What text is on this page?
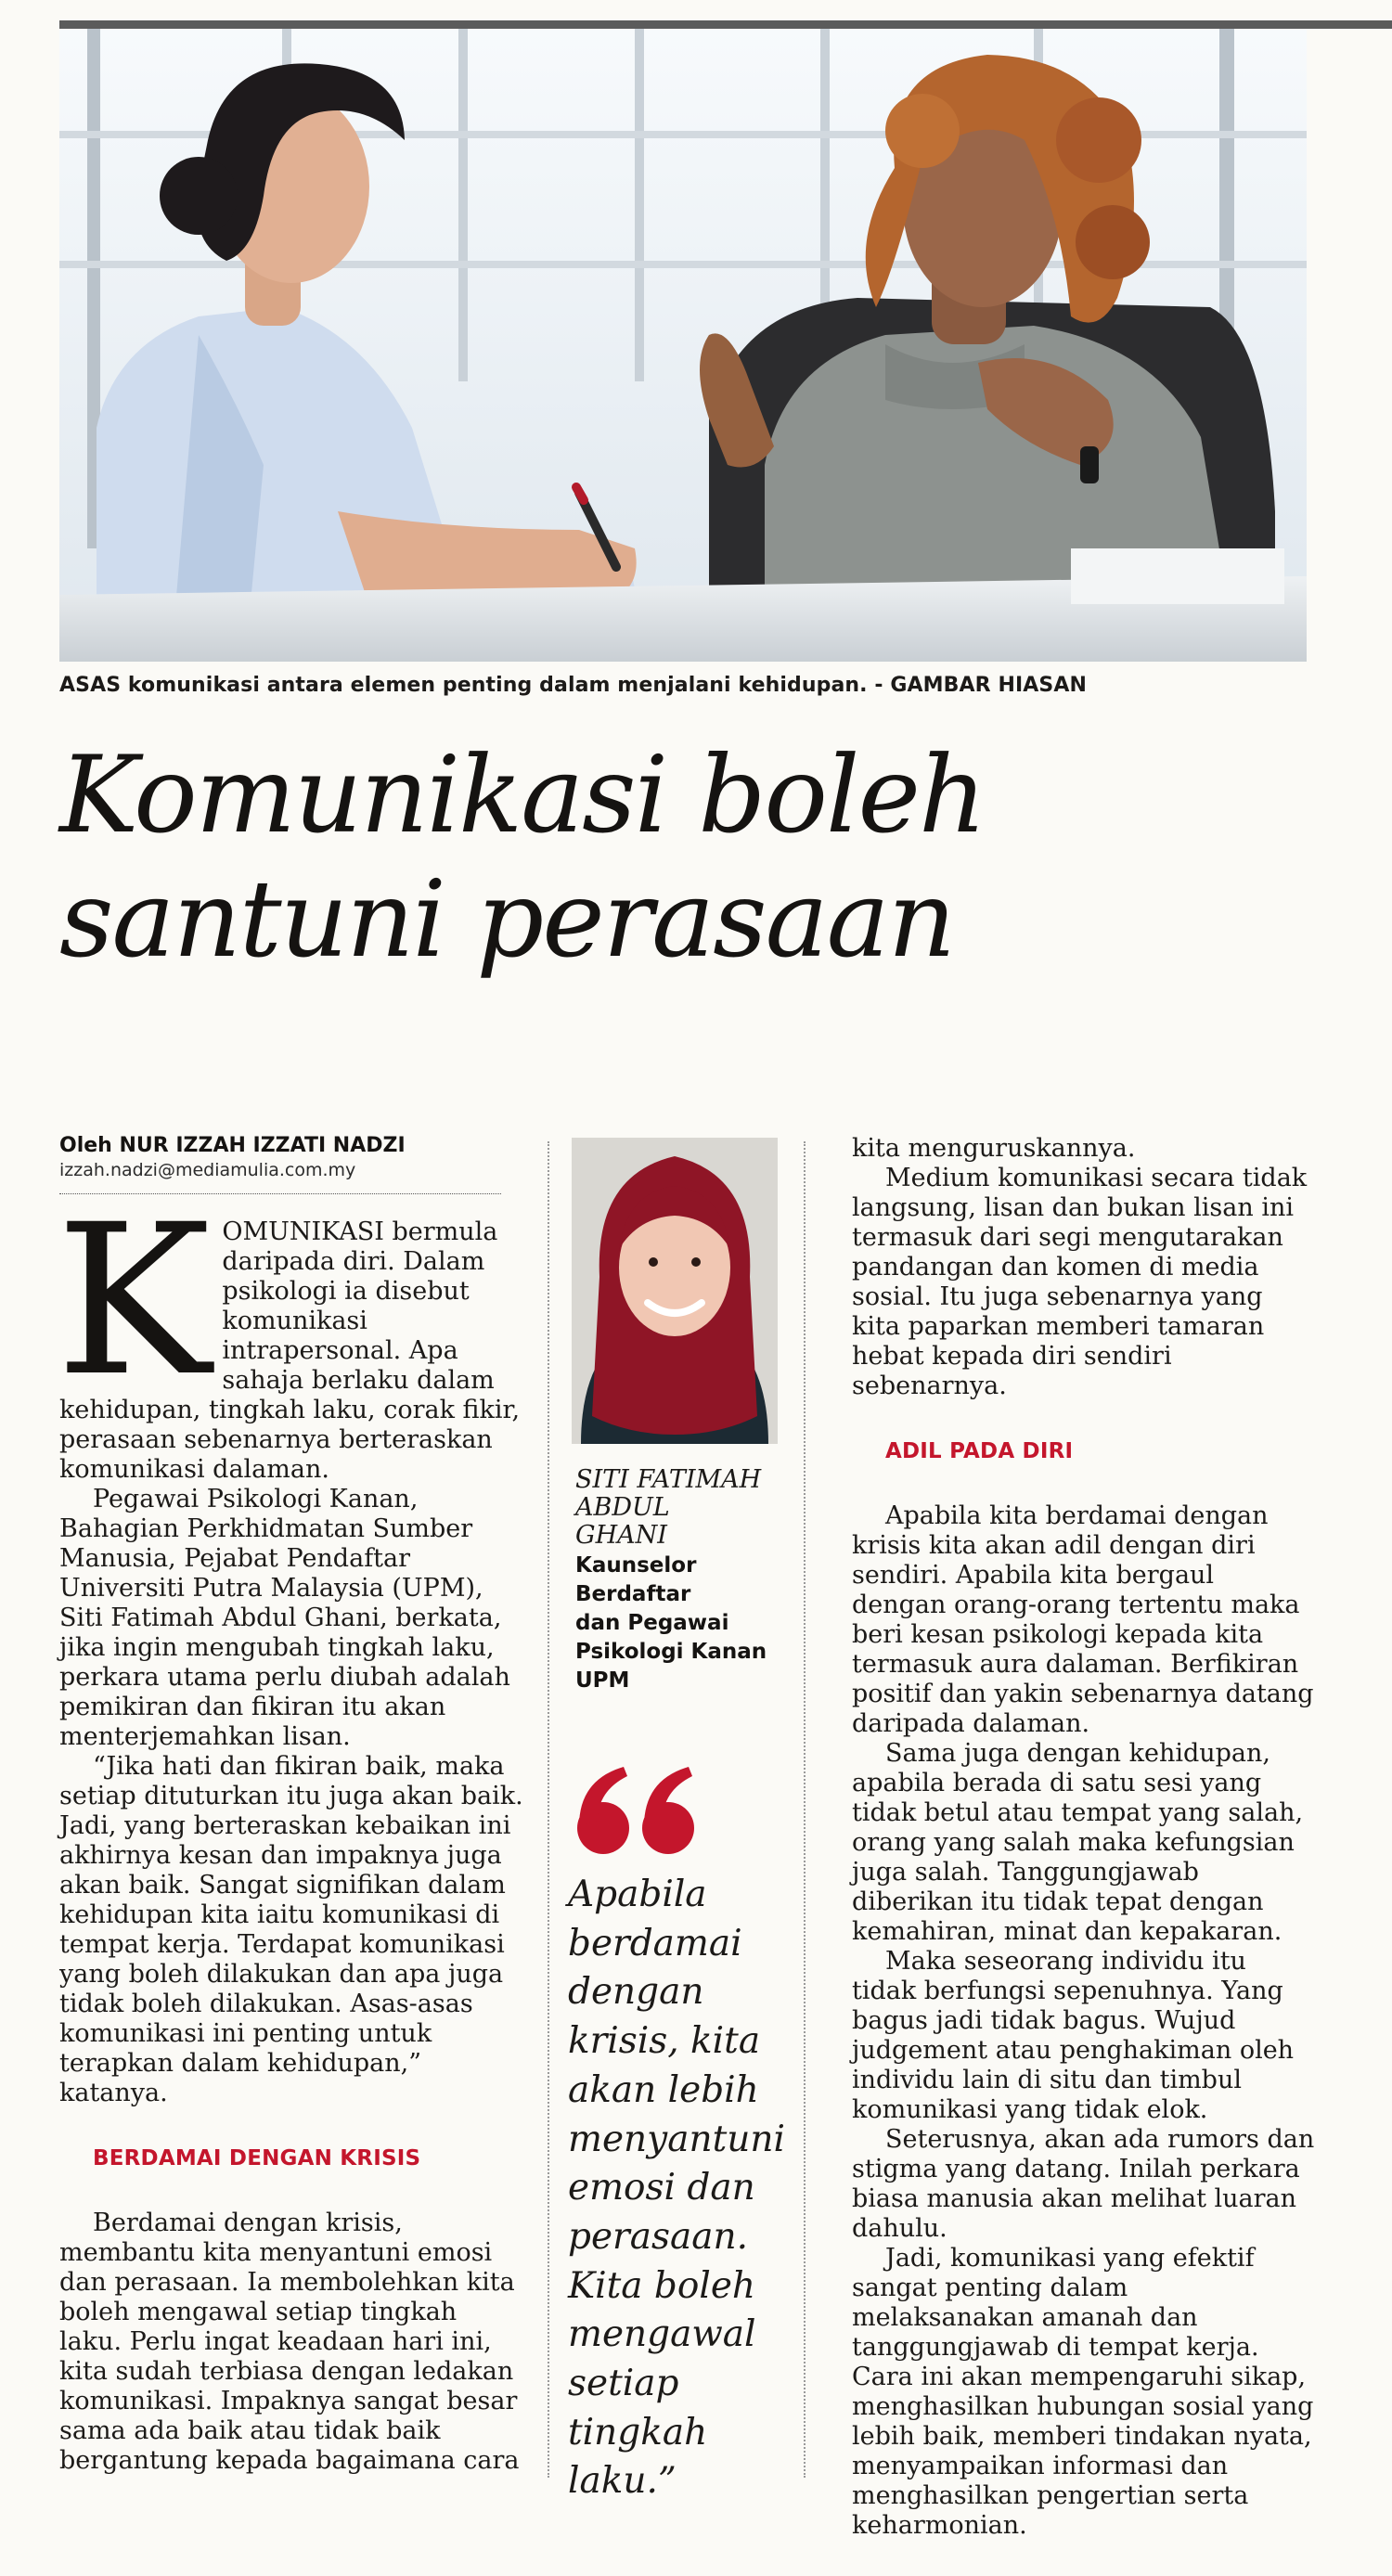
ASAS komunikasi antara elemen penting dalam menjalani kehidupan. - GAMBAR HIASAN
Komunikasi boleh
santuni perasaan
Oleh NUR IZZAH IZZATI NADZI
izzah.nadzi@mediamulia.com.my

KOMUNIKASI bermula daripada diri. Dalam psikologi ia disebut komunikasi intrapersonal. Apa sahaja berlaku dalam kehidupan, tingkah laku, corak fikir, perasaan sebenarnya berteraskan komunikasi dalaman.

Pegawai Psikologi Kanan, Bahagian Perkhidmatan Sumber Manusia, Pejabat Pendaftar Universiti Putra Malaysia (UPM), Siti Fatimah Abdul Ghani, berkata, jika ingin mengubah tingkah laku, perkara utama perlu diubah adalah pemikiran dan fikiran itu akan menterjemahkan lisan.

“Jika hati dan fikiran baik, maka setiap dituturkan itu juga akan baik. Jadi, yang berteraskan kebaikan ini akhirnya kesan dan impaknya juga akan baik. Sangat signifikan dalam kehidupan kita iaitu komunikasi di tempat kerja. Terdapat komunikasi yang boleh dilakukan dan apa juga tidak boleh dilakukan. Asas-asas komunikasi ini penting untuk terapkan dalam kehidupan,” katanya.

BERDAMAI DENGAN KRISIS

Berdamai dengan krisis, membantu kita menyantuni emosi dan perasaan. Ia membolehkan kita boleh mengawal setiap tingkah laku. Perlu ingat keadaan hari ini, kita sudah terbiasa dengan ledakan komunikasi. Impaknya sangat besar sama ada baik atau tidak baik bergantung kepada bagaimana cara

SITI FATIMAH
ABDUL
GHANI
Kaunselor
Berdaftar
dan Pegawai
Psikologi Kanan
UPM
Apabila
berdamai
dengan
krisis, kita
akan lebih
menyantuni
emosi dan
perasaan.
Kita boleh
mengawal
setiap
tingkah
laku.”

kita menguruskannya.

Medium komunikasi secara tidak langsung, lisan dan bukan lisan ini termasuk dari segi mengutarakan pandangan dan komen di media sosial. Itu juga sebenarnya yang kita paparkan memberi tamaran hebat kepada diri sendiri sebenarnya.

ADIL PADA DIRI

Apabila kita berdamai dengan krisis kita akan adil dengan diri sendiri. Apabila kita bergaul dengan orang-orang tertentu maka beri kesan psikologi kepada kita termasuk aura dalaman. Berfikiran positif dan yakin sebenarnya datang daripada dalaman.

Sama juga dengan kehidupan, apabila berada di satu sesi yang tidak betul atau tempat yang salah, orang yang salah maka kefungsian juga salah. Tanggungjawab diberikan itu tidak tepat dengan kemahiran, minat dan kepakaran.

Maka seseorang individu itu tidak berfungsi sepenuhnya. Yang bagus jadi tidak bagus. Wujud judgement atau penghakiman oleh individu lain di situ dan timbul komunikasi yang tidak elok.

Seterusnya, akan ada rumors dan stigma yang datang. Inilah perkara biasa manusia akan melihat luaran dahulu.

Jadi, komunikasi yang efektif sangat penting dalam melaksanakan amanah dan tanggungjawab di tempat kerja. Cara ini akan mempengaruhi sikap, menghasilkan hubungan sosial yang lebih baik, memberi tindakan nyata, menyampaikan informasi dan menghasilkan pengertian serta keharmonian.
